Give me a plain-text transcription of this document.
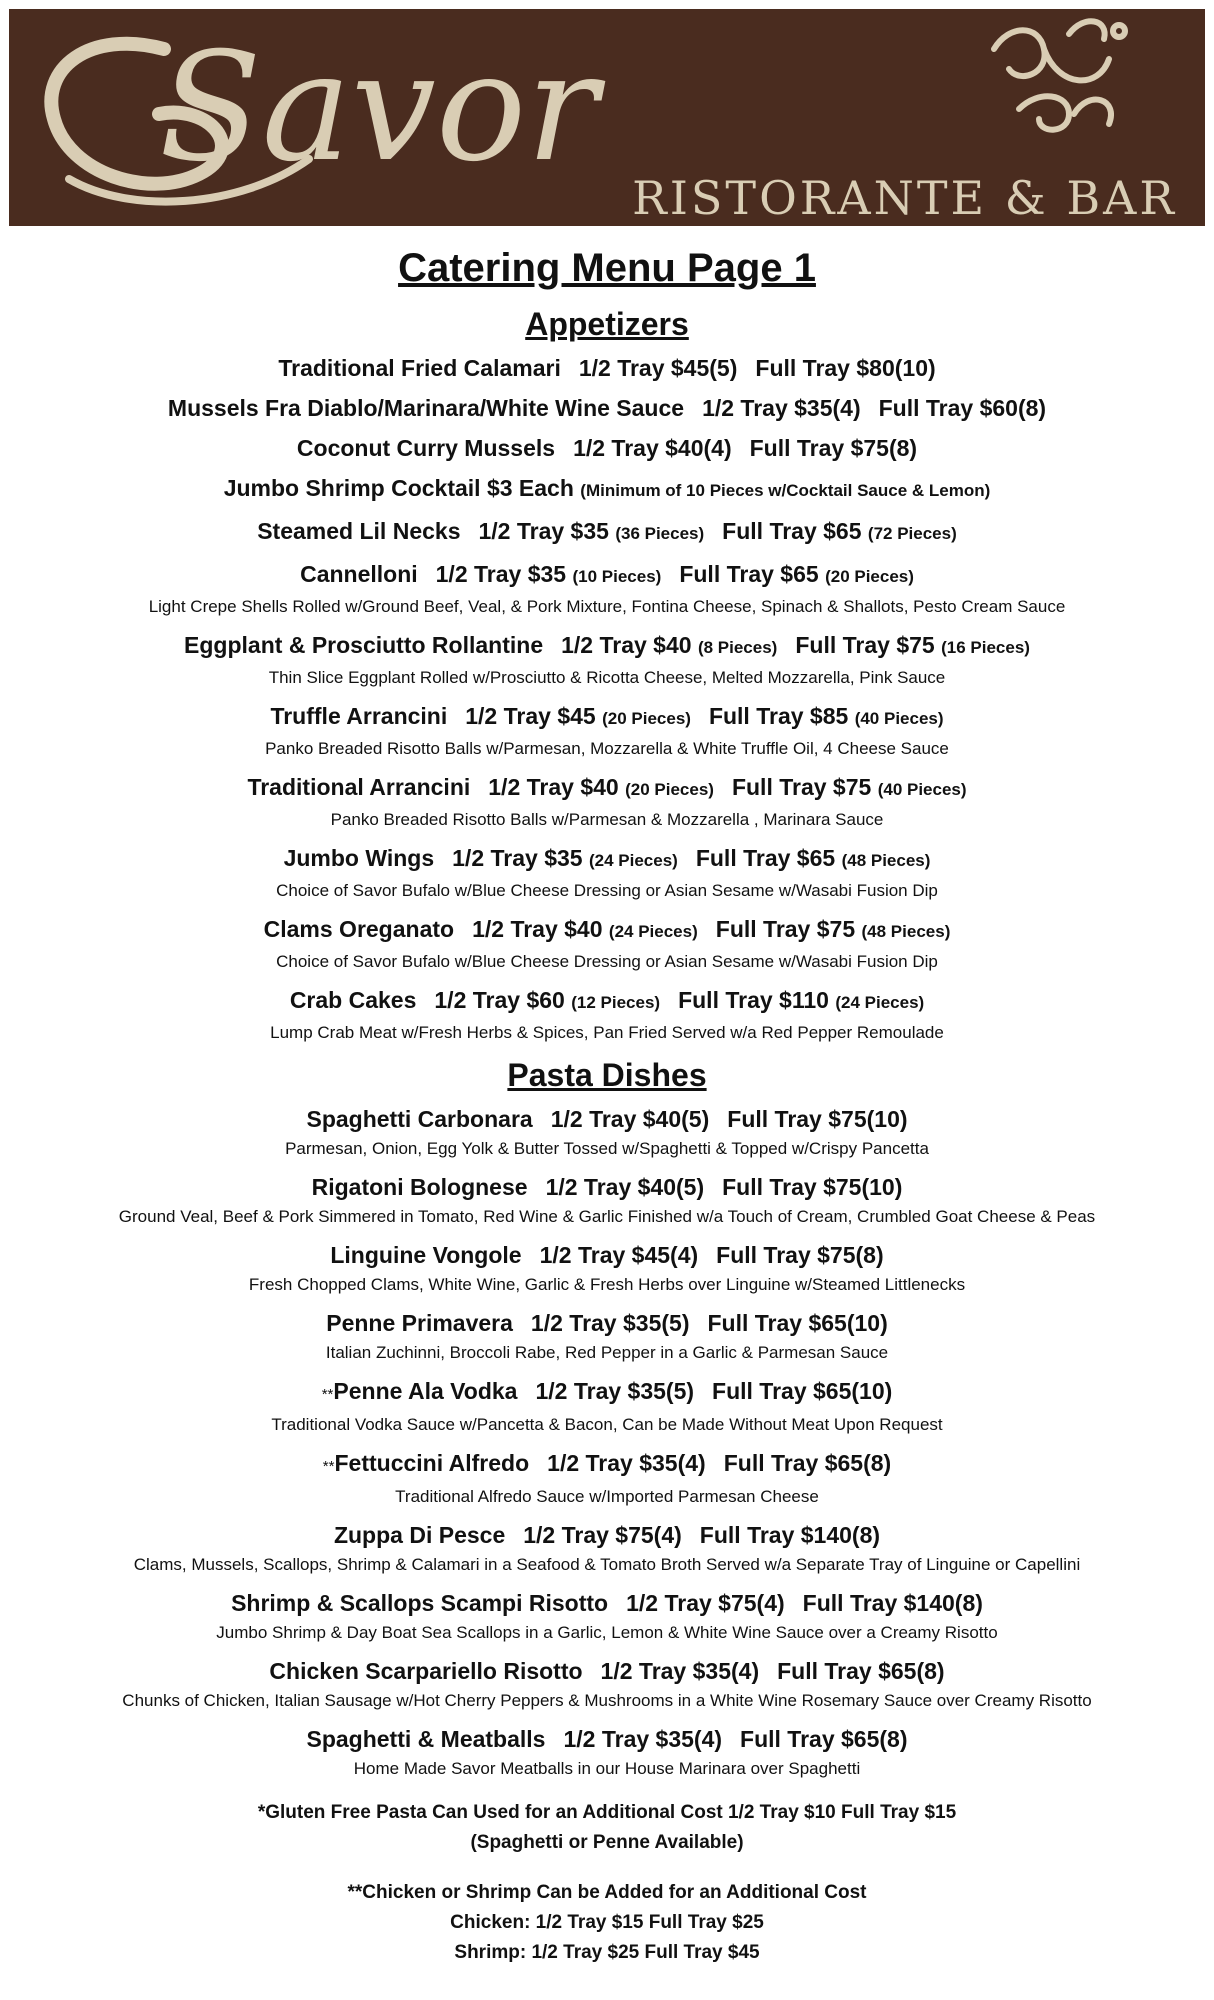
Savor
RISTORANTE & BAR
Catering Menu Page 1
Appetizers
Traditional Fried Calamari 1/2 Tray $45(5) Full Tray $80(10)
Mussels Fra Diablo/Marinara/White Wine Sauce 1/2 Tray $35(4) Full Tray $60(8)
Coconut Curry Mussels 1/2 Tray $40(4) Full Tray $75(8)
Jumbo Shrimp Cocktail $3 Each (Minimum of 10 Pieces w/Cocktail Sauce & Lemon)
Steamed Lil Necks 1/2 Tray $35 (36 Pieces) Full Tray $65 (72 Pieces)
Cannelloni 1/2 Tray $35 (10 Pieces) Full Tray $65 (20 Pieces)
Light Crepe Shells Rolled w/Ground Beef, Veal, & Pork Mixture, Fontina Cheese, Spinach & Shallots, Pesto Cream Sauce
Eggplant & Prosciutto Rollantine 1/2 Tray $40 (8 Pieces) Full Tray $75 (16 Pieces)
Thin Slice Eggplant Rolled w/Prosciutto & Ricotta Cheese, Melted Mozzarella, Pink Sauce
Truffle Arrancini 1/2 Tray $45 (20 Pieces) Full Tray $85 (40 Pieces)
Panko Breaded Risotto Balls w/Parmesan, Mozzarella & White Truffle Oil, 4 Cheese Sauce
Traditional Arrancini 1/2 Tray $40 (20 Pieces) Full Tray $75 (40 Pieces)
Panko Breaded Risotto Balls w/Parmesan & Mozzarella , Marinara Sauce
Jumbo Wings 1/2 Tray $35 (24 Pieces) Full Tray $65 (48 Pieces)
Choice of Savor Bufalo w/Blue Cheese Dressing or Asian Sesame w/Wasabi Fusion Dip
Clams Oreganato 1/2 Tray $40 (24 Pieces) Full Tray $75 (48 Pieces)
Choice of Savor Bufalo w/Blue Cheese Dressing or Asian Sesame w/Wasabi Fusion Dip
Crab Cakes 1/2 Tray $60 (12 Pieces) Full Tray $110 (24 Pieces)
Lump Crab Meat w/Fresh Herbs & Spices, Pan Fried Served w/a Red Pepper Remoulade
Pasta Dishes
Spaghetti Carbonara 1/2 Tray $40(5) Full Tray $75(10)
Parmesan, Onion, Egg Yolk & Butter Tossed w/Spaghetti & Topped w/Crispy Pancetta
Rigatoni Bolognese 1/2 Tray $40(5) Full Tray $75(10)
Ground Veal, Beef & Pork Simmered in Tomato, Red Wine & Garlic Finished w/a Touch of Cream, Crumbled Goat Cheese & Peas
Linguine Vongole 1/2 Tray $45(4) Full Tray $75(8)
Fresh Chopped Clams, White Wine, Garlic & Fresh Herbs over Linguine w/Steamed Littlenecks
Penne Primavera 1/2 Tray $35(5) Full Tray $65(10)
Italian Zuchinni, Broccoli Rabe, Red Pepper in a Garlic & Parmesan Sauce
**Penne Ala Vodka 1/2 Tray $35(5) Full Tray $65(10)
Traditional Vodka Sauce w/Pancetta & Bacon, Can be Made Without Meat Upon Request
**Fettuccini Alfredo 1/2 Tray $35(4) Full Tray $65(8)
Traditional Alfredo Sauce w/Imported Parmesan Cheese
Zuppa Di Pesce 1/2 Tray $75(4) Full Tray $140(8)
Clams, Mussels, Scallops, Shrimp & Calamari in a Seafood & Tomato Broth Served w/a Separate Tray of Linguine or Capellini
Shrimp & Scallops Scampi Risotto 1/2 Tray $75(4) Full Tray $140(8)
Jumbo Shrimp & Day Boat Sea Scallops in a Garlic, Lemon & White Wine Sauce over a Creamy Risotto
Chicken Scarpariello Risotto 1/2 Tray $35(4) Full Tray $65(8)
Chunks of Chicken, Italian Sausage w/Hot Cherry Peppers & Mushrooms in a White Wine Rosemary Sauce over Creamy Risotto
Spaghetti & Meatballs 1/2 Tray $35(4) Full Tray $65(8)
Home Made Savor Meatballs in our House Marinara over Spaghetti

*Gluten Free Pasta Can Used for an Additional Cost 1/2 Tray $10 Full Tray $15

(Spaghetti or Penne Available)

**Chicken or Shrimp Can be Added for an Additional Cost

Chicken: 1/2 Tray $15 Full Tray $25

Shrimp: 1/2 Tray $25 Full Tray $45
